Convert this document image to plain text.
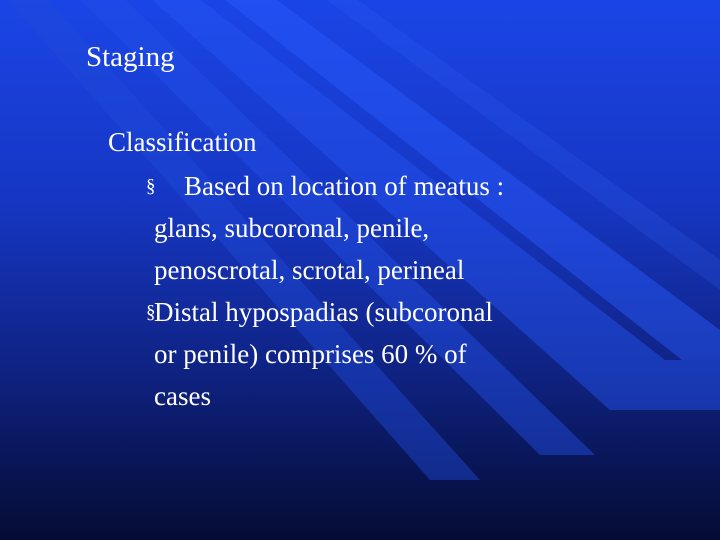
Staging
Classification
§	Based on location of meatus :
glans, subcoronal, penile,
penoscrotal, scrotal, perineal
§
Distal hypospadias (subcoronal
or penile) comprises 60 % of
cases
